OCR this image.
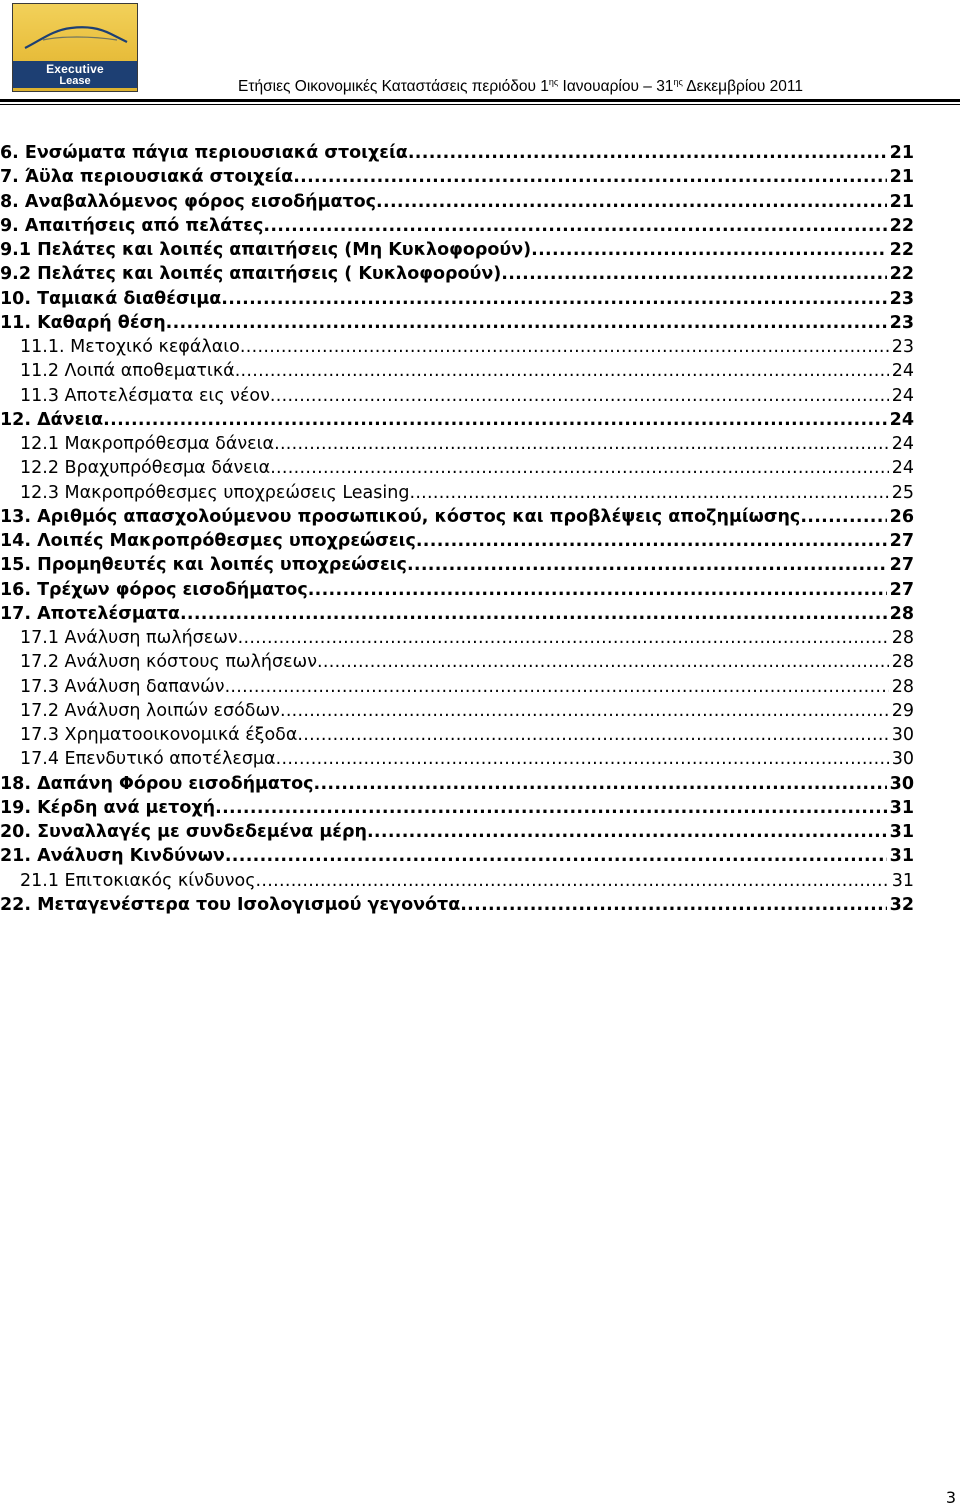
Executive
Lease	Ετήσιες Οικονομικές Καταστάσεις περιόδου $1^{\eta\varsigma}$ Ιανουαρίου – $31^{\eta\varsigma}$ Δεκεμβρίου 2011
6. Ενσώματα πάγια περιουσιακά στοιχεία .....	21
7. Άϋλα περιουσιακά στοιχεία .....	21
8. Αναβαλλόμενος φόρος εισοδήματος .....	21
9. Απαιτήσεις από πελάτες .....	22
9.1 Πελάτες και λοιπές απαιτήσεις (Μη Κυκλοφορούν) .....	22
9.2 Πελάτες και λοιπές απαιτήσεις ( Κυκλοφορούν) .....	22
10. Ταμιακά διαθέσιμα .....	23
11. Καθαρή θέση .....	23
11.1. Μετοχικό κεφάλαιο .....	23
11.2 Λοιπά αποθεματικά .....	24
11.3 Αποτελέσματα εις νέον .....	24
12. Δάνεια .....	24
12.1 Μακροπρόθεσμα δάνεια .....	24
12.2 Βραχυπρόθεσμα δάνεια .....	24
12.3 Μακροπρόθεσμες υποχρεώσεις Leasing .....	25
13. Αριθμός απασχολούμενου προσωπικού, κόστος και προβλέψεις αποζημίωσης .....	26
14. Λοιπές Μακροπρόθεσμες υποχρεώσεις .....	27
15. Προμηθευτές και λοιπές υποχρεώσεις .....	27
16. Τρέχων φόρος εισοδήματος .....	27
17. Αποτελέσματα .....	28
17.1 Ανάλυση πωλήσεων .....	28
17.2 Ανάλυση κόστους πωλήσεων .....	28
17.3 Ανάλυση δαπανών .....	28
17.2 Ανάλυση λοιπών εσόδων .....	29
17.3 Χρηματοοικονομικά έξοδα .....	30
17.4 Επενδυτικό αποτέλεσμα .....	30
18. Δαπάνη Φόρου εισοδήματος .....	30
19. Κέρδη ανά μετοχή .....	31
20. Συναλλαγές με συνδεδεμένα μέρη .....	31
21. Ανάλυση Κινδύνων .....	31
21.1 Επιτοκιακός κίνδυνος .....	31
22. Μεταγενέστερα του Ισολογισμού γεγονότα .....	32
3
